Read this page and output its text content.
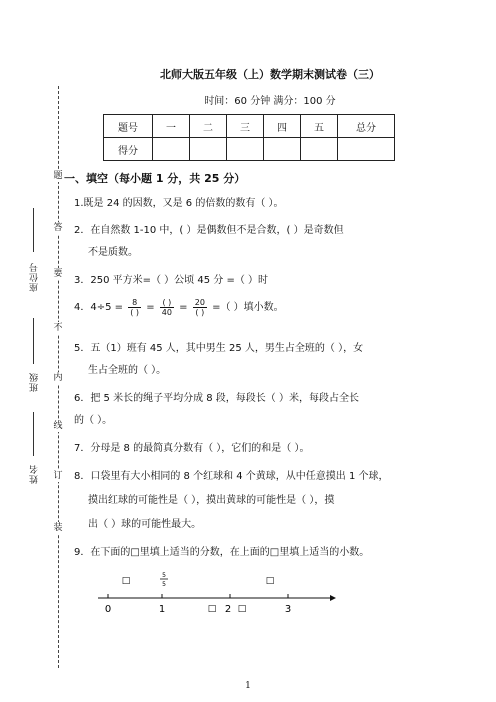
题
答
要
不
内
线
订
装
座位号
班级
姓名
北师大版五年级（上）数学期末测试卷（三）
时间：60 分钟 满分：100 分
题号	一	二	三	四	五	总分
得分						
一、填空（每小题 1 分，共 25 分）
1.既是 24 的因数，又是 6 的倍数的数有（ ）。
2．在自然数 1-10 中，( ）是偶数但不是合数，( ）是奇数但
不是质数。
3．250 平方米=（ ）公顷 45 分 =（ ）时
4．$4\div 5 = \frac{8}{( )} = \frac{( )}{40} = \frac{20}{( )}$ =（ ）填小数。
5．五（1）班有 45 人，其中男生 25 人，男生占全班的（ ），女
生占全班的（ ）。
6．把 5 米长的绳子平均分成 8 段，每段长（ ）米，每段占全长
的（ ）。
7．分母是 8 的最简真分数有（ ），它们的和是（ ）。
8．口袋里有大小相同的 8 个红球和 4 个黄球，从中任意摸出 1 个球，
摸出红球的可能性是（ ），摸出黄球的可能性是（ ），摸
出（ ）球的可能性最大。
9．在下面的□里填上适当的分数，在上面的□里填上适当的小数。
□
5
5	□
0	1	□ 2 □	3
1
